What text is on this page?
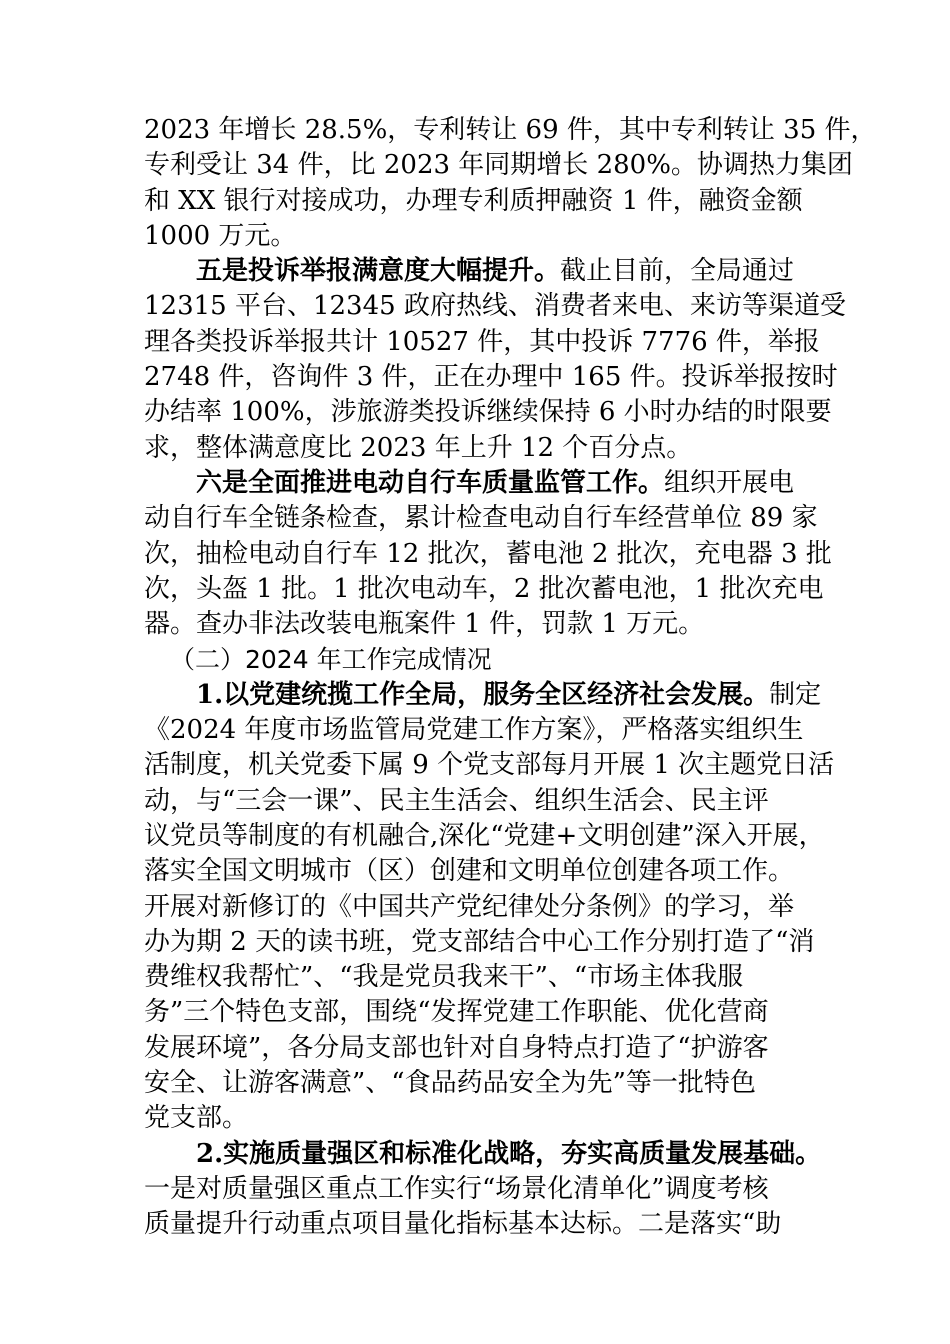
2023 年增长 28.5%，专利转让 69 件，其中专利转让 35 件，
专利受让 34 件，比 2023 年同期增长 280%。协调热力集团
和 XX 银行对接成功，办理专利质押融资 1 件，融资金额
1000 万元。
五是投诉举报满意度大幅提升。截止目前，全局通过
12315 平台、12345 政府热线、消费者来电、来访等渠道受
理各类投诉举报共计 10527 件，其中投诉 7776 件，举报
2748 件，咨询件 3 件，正在办理中 165 件。投诉举报按时
办结率 100%，涉旅游类投诉继续保持 6 小时办结的时限要
求，整体满意度比 2023 年上升 12 个百分点。
六是全面推进电动自行车质量监管工作。组织开展电
动自行车全链条检查，累计检查电动自行车经营单位 89 家
次，抽检电动自行车 12 批次，蓄电池 2 批次，充电器 3 批
次，头盔 1 批。1 批次电动车，2 批次蓄电池，1 批次充电
器。查办非法改装电瓶案件 1 件，罚款 1 万元。
（二）2024 年工作完成情况
1.以党建统揽工作全局，服务全区经济社会发展。制定
《2024 年度市场监管局党建工作方案》，严格落实组织生
活制度，机关党委下属 9 个党支部每月开展 1 次主题党日活
动，与“三会一课”、民主生活会、组织生活会、民主评
议党员等制度的有机融合,深化“党建+文明创建”深入开展，
落实全国文明城市（区）创建和文明单位创建各项工作。
开展对新修订的《中国共产党纪律处分条例》的学习，举
办为期 2 天的读书班，党支部结合中心工作分别打造了“消
费维权我帮忙”、“我是党员我来干”、“市场主体我服
务”三个特色支部，围绕“发挥党建工作职能、优化营商
发展环境”，各分局支部也针对自身特点打造了“护游客
安全、让游客满意”、“食品药品安全为先”等一批特色
党支部。
2.实施质量强区和标准化战略，夯实高质量发展基础。
一是对质量强区重点工作实行“场景化清单化”调度考核
质量提升行动重点项目量化指标基本达标。二是落实“助
